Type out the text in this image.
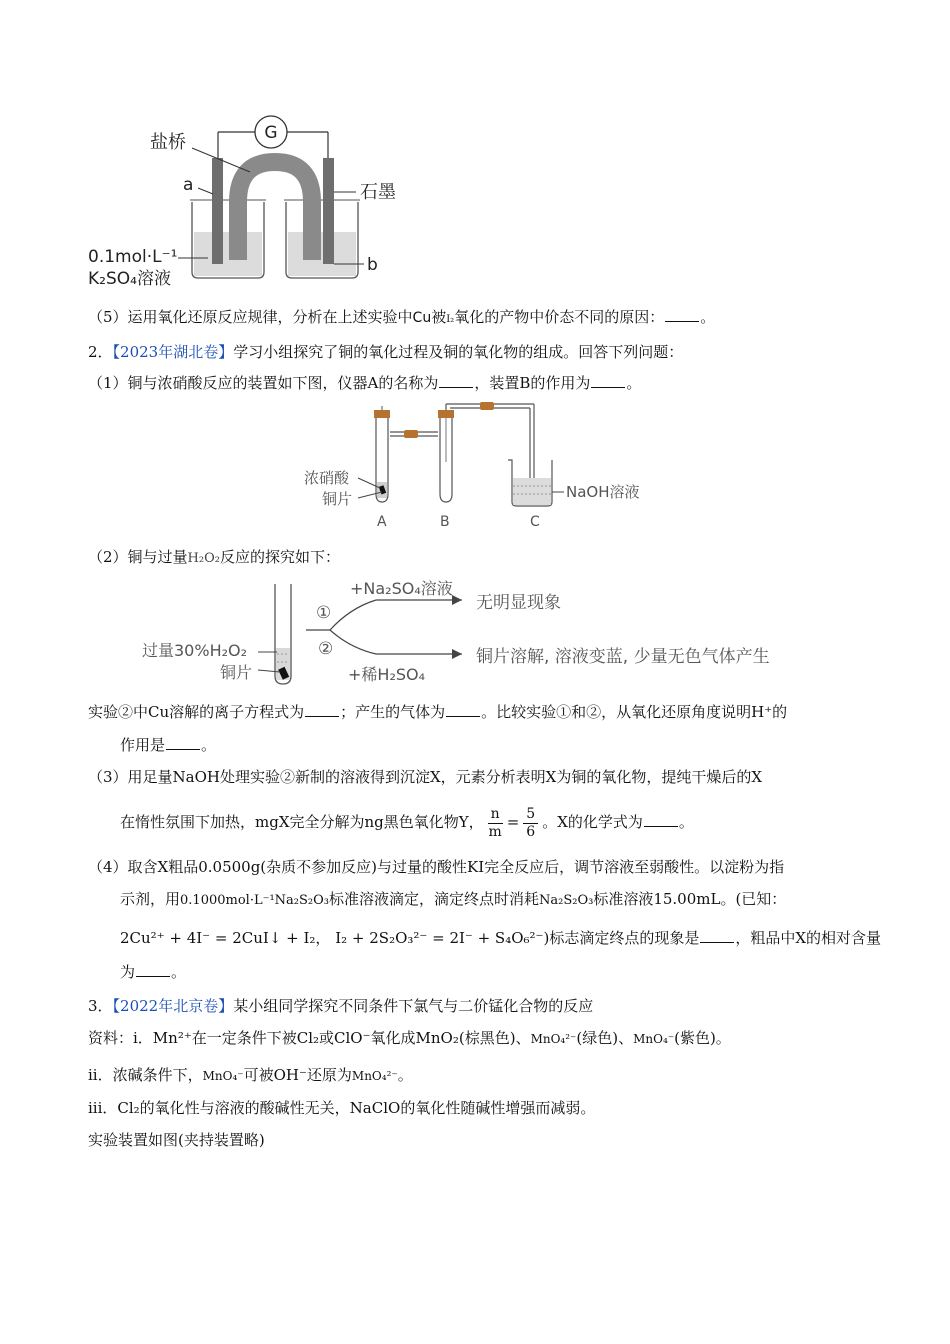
G
盐桥
a	石墨
0.1mol·L⁻¹
K₂SO₄溶液
b
（5）运用氧化还原反应规律，分析在上述实验中Cu被I₂氧化的产物中价态不同的原因： 。
2．【2023年湖北卷】学习小组探究了铜的氧化过程及铜的氧化物的组成。回答下列问题：
（1）铜与浓硝酸反应的装置如下图，仪器A的名称为 ，装置B的作用为 。
浓硝酸
铜片	NaOH溶液
A	B	C
（2）铜与过量H₂O₂反应的探究如下：
①
+Na₂SO₄溶液
无明显现象
②
+稀H₂SO₄
铜片溶解, 溶液变蓝, 少量无色气体产生
过量30%H₂O₂
铜片
实验②中Cu溶解的离子方程式为 ；产生的气体为 。比较实验①和②，从氧化还原角度说明H⁺的
作用是 。
（3）用足量NaOH处理实验②新制的溶液得到沉淀X，元素分析表明X为铜的氧化物，提纯干燥后的X
在惰性氛围下加热，mgX完全分解为ng黑色氧化物Y， $\frac{n}{m} = \frac{5}{6}$ 。X的化学式为 。
（4）取含X粗品0.0500g(杂质不参加反应)与过量的酸性KI完全反应后，调节溶液至弱酸性。以淀粉为指
示剂，用0.1000mol·L⁻¹Na₂S₂O₃标准溶液滴定，滴定终点时消耗Na₂S₂O₃标准溶液15.00mL。(已知：
2Cu²⁺ + 4I⁻ = 2CuI↓ + I₂， I₂ + 2S₂O₃²⁻ = 2I⁻ + S₄O₆²⁻)标志滴定终点的现象是 ，粗品中X的相对含量
为 。
3．【2022年北京卷】某小组同学探究不同条件下氯气与二价锰化合物的反应
资料：i．Mn²⁺在一定条件下被Cl₂或ClO⁻氧化成MnO₂(棕黑色)、MnO₄²⁻(绿色)、MnO₄⁻(紫色)。
ii．浓碱条件下，MnO₄⁻可被OH⁻还原为MnO₄²⁻。
iii．Cl₂的氧化性与溶液的酸碱性无关，NaClO的氧化性随碱性增强而减弱。
实验装置如图(夹持装置略)
